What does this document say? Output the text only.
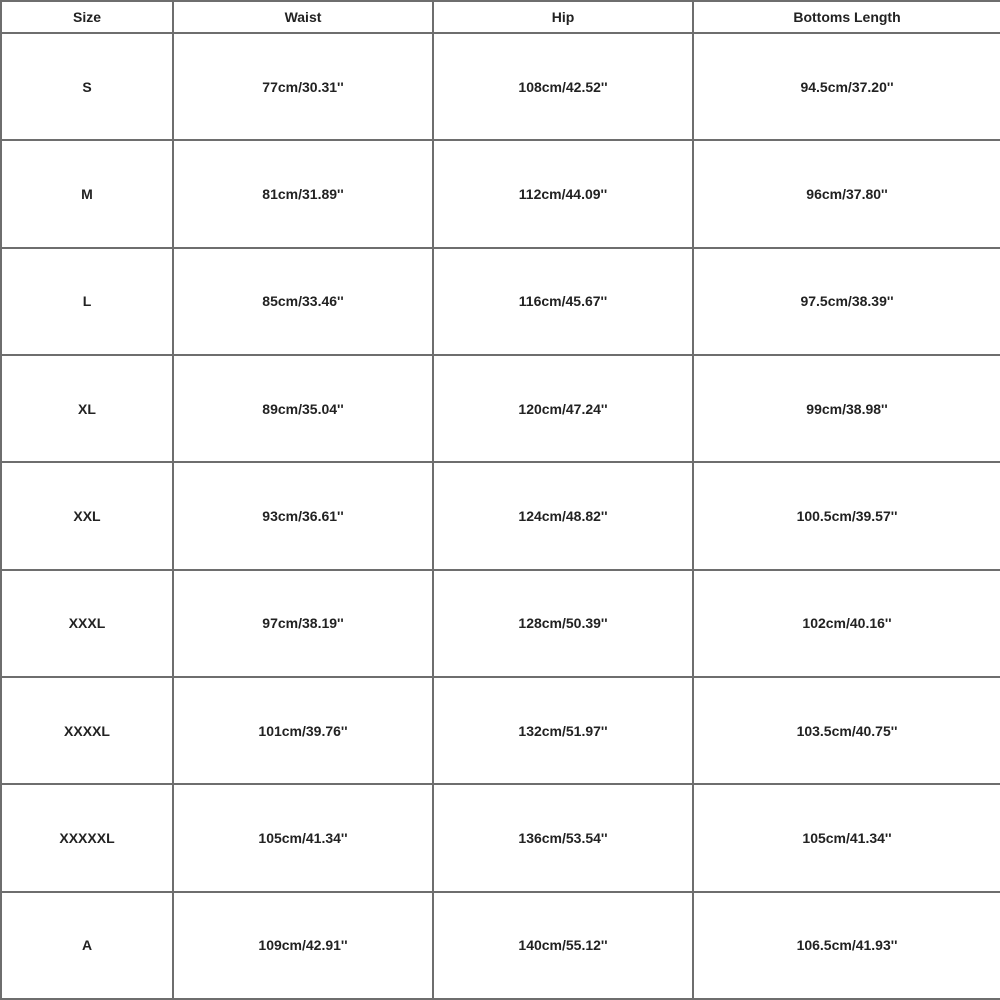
Size	Waist	Hip	Bottoms Length
S	77cm/30.31''	108cm/42.52''	94.5cm/37.20''
M	81cm/31.89''	112cm/44.09''	96cm/37.80''
L	85cm/33.46''	116cm/45.67''	97.5cm/38.39''
XL	89cm/35.04''	120cm/47.24''	99cm/38.98''
XXL	93cm/36.61''	124cm/48.82''	100.5cm/39.57''
XXXL	97cm/38.19''	128cm/50.39''	102cm/40.16''
XXXXL	101cm/39.76''	132cm/51.97''	103.5cm/40.75''
XXXXXL	105cm/41.34''	136cm/53.54''	105cm/41.34''
A	109cm/42.91''	140cm/55.12''	106.5cm/41.93''
